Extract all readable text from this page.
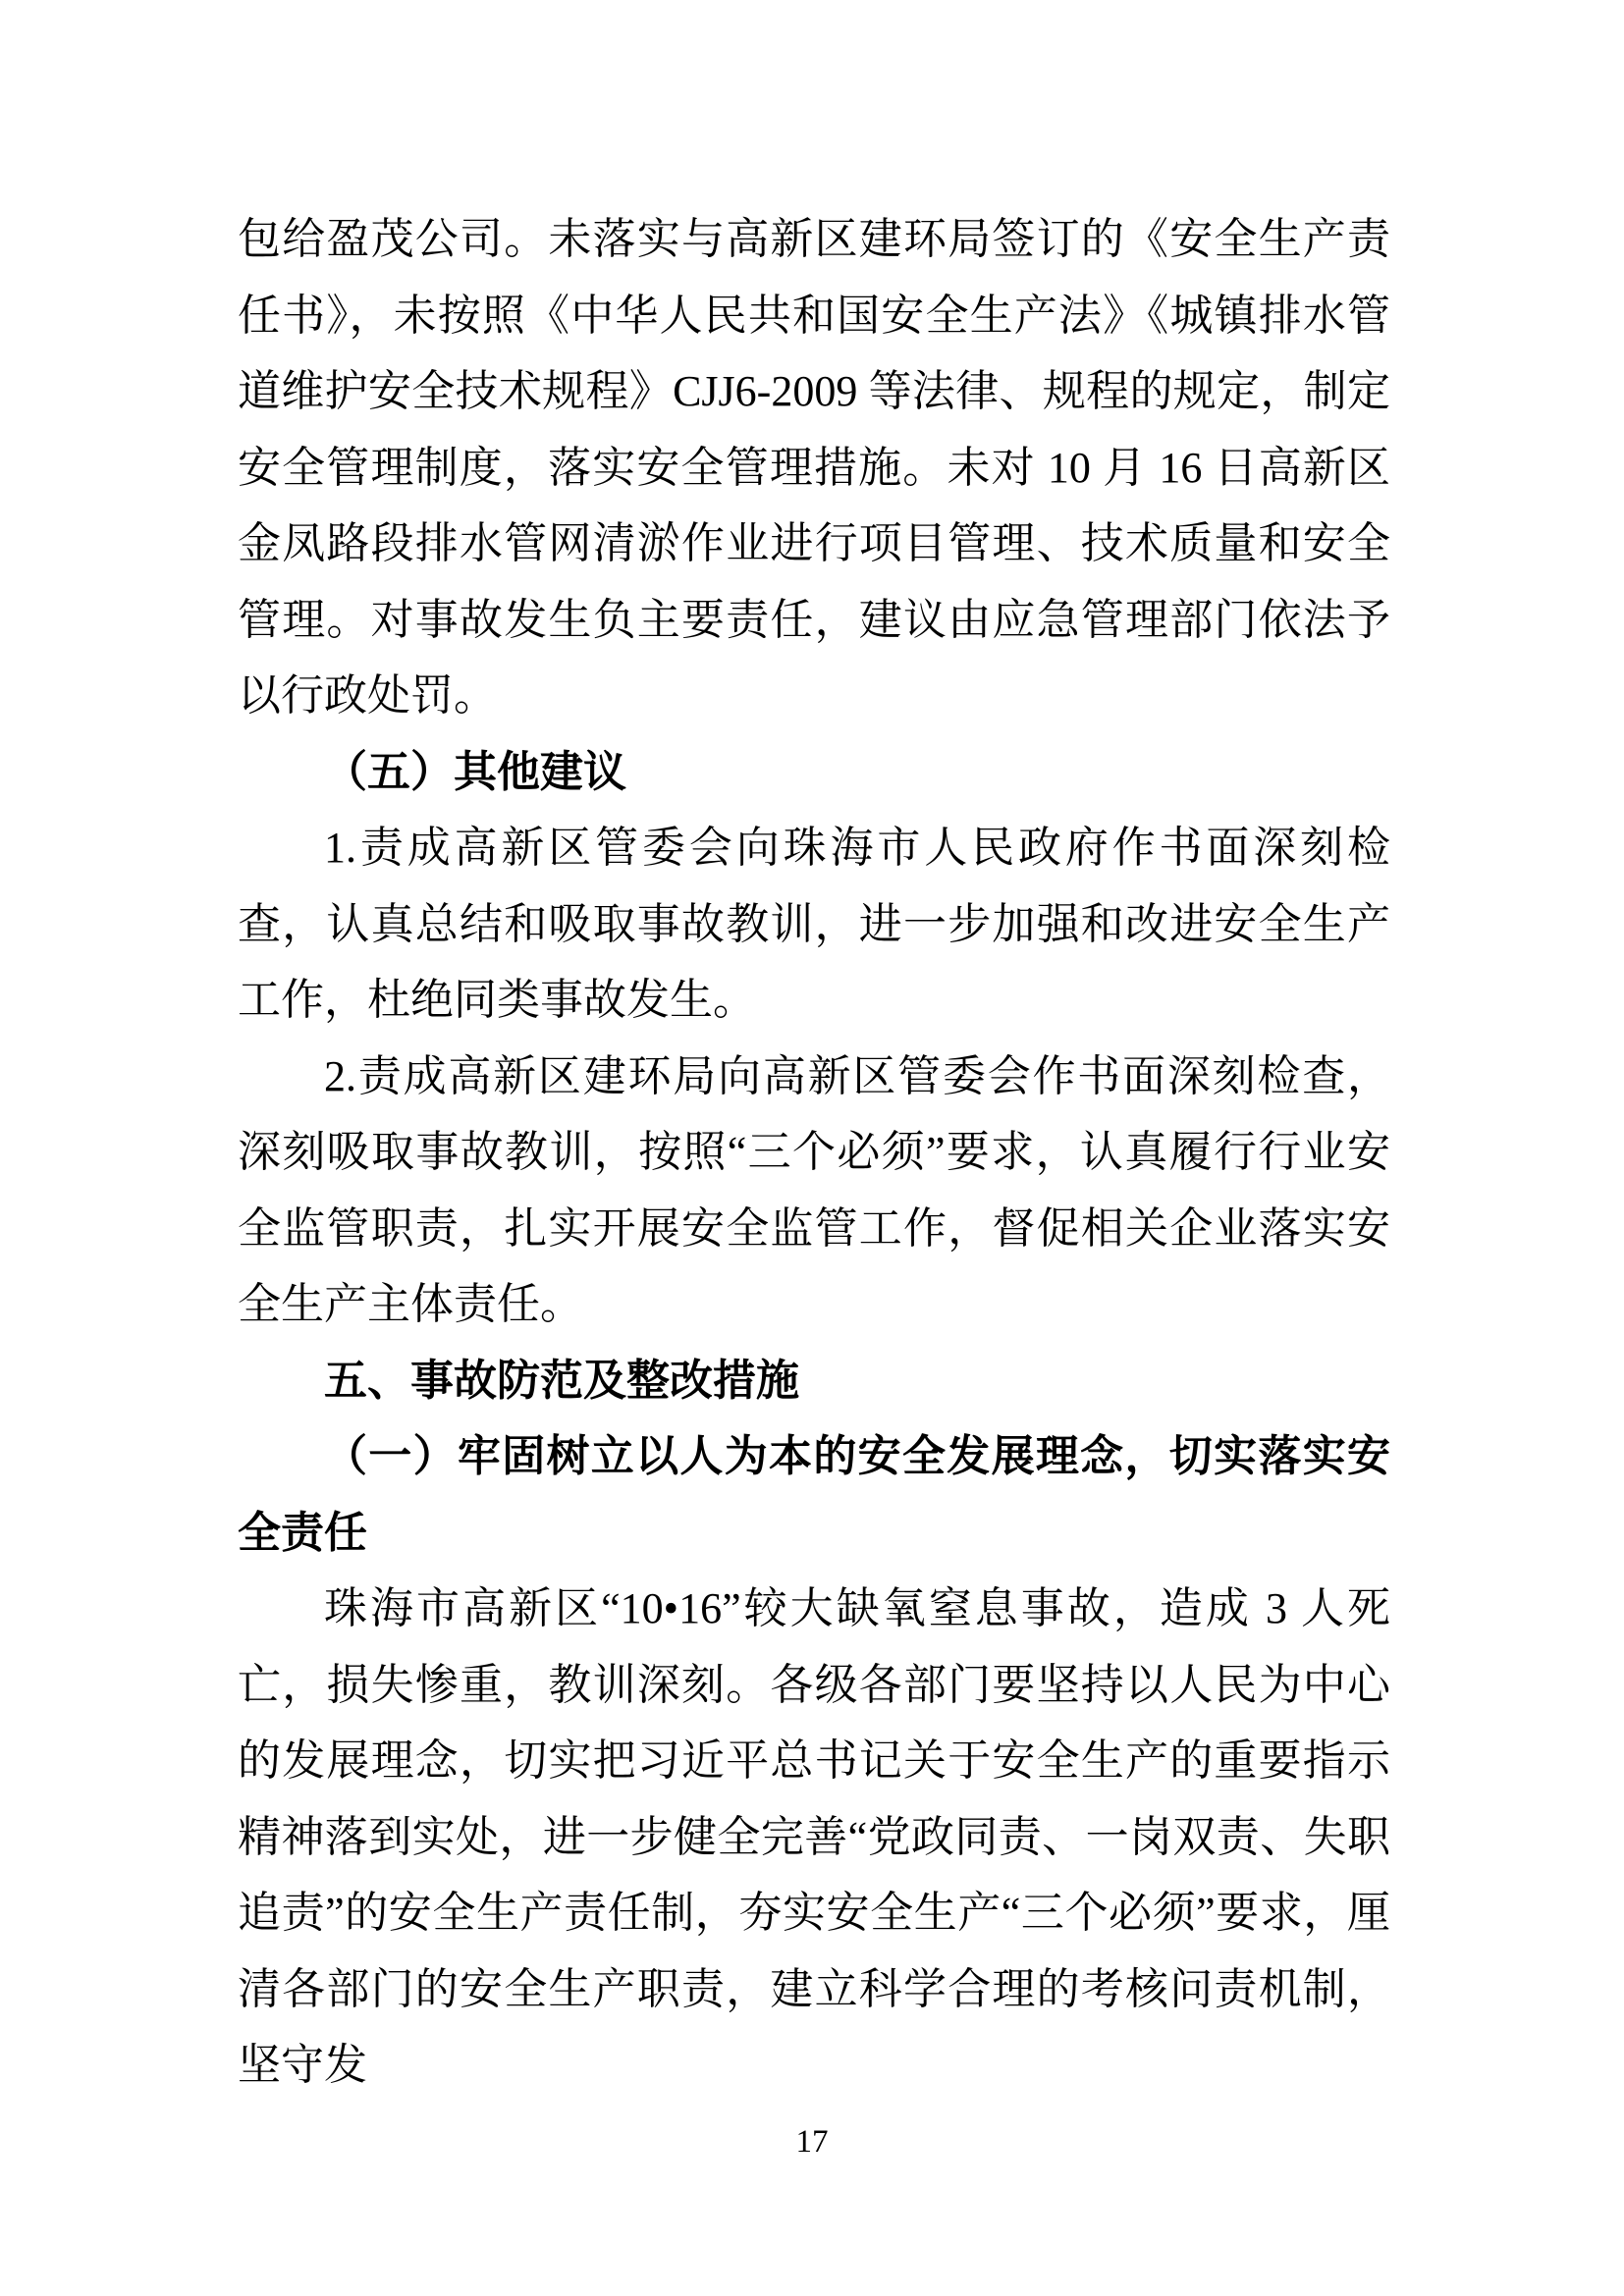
包给盈茂公司。未落实与高新区建环局签订的《安全生产责任书》，未按照《中华人民共和国安全生产法》《城镇排水管道维护安全技术规程》CJJ6-2009 等法律、规程的规定，制定安全管理制度，落实安全管理措施。未对 10 月 16 日高新区金凤路段排水管网清淤作业进行项目管理、技术质量和安全管理。对事故发生负主要责任，建议由应急管理部门依法予以行政处罚。

（五）其他建议

1.责成高新区管委会向珠海市人民政府作书面深刻检查，认真总结和吸取事故教训，进一步加强和改进安全生产工作，杜绝同类事故发生。

2.责成高新区建环局向高新区管委会作书面深刻检查，深刻吸取事故教训，按照“三个必须”要求，认真履行行业安全监管职责，扎实开展安全监管工作，督促相关企业落实安全生产主体责任。

五、事故防范及整改措施

（一）牢固树立以人为本的安全发展理念，切实落实安全责任

珠海市高新区“10•16”较大缺氧窒息事故，造成 3 人死亡，损失惨重，教训深刻。各级各部门要坚持以人民为中心的发展理念，切实把习近平总书记关于安全生产的重要指示精神落到实处，进一步健全完善“党政同责、一岗双责、失职追责”的安全生产责任制，夯实安全生产“三个必须”要求，厘清各部门的安全生产职责，建立科学合理的考核问责机制，坚守发

17
